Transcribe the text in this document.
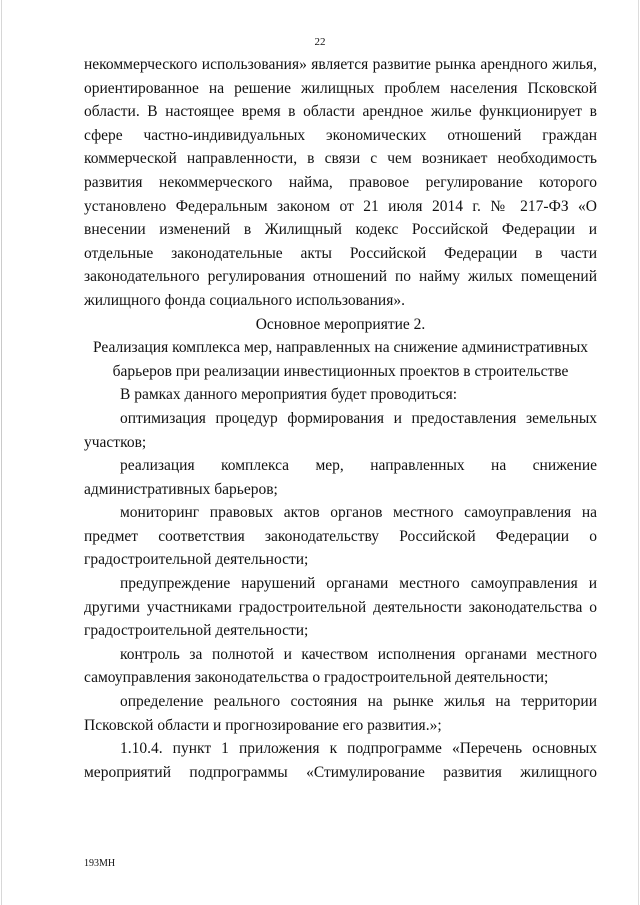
22

некоммерческого использования» является развитие рынка арендного жилья, ориентированное на решение жилищных проблем населения Псковской области. В настоящее время в области арендное жилье функционирует в сфере частно-индивидуальных экономических отношений граждан коммерческой направленности, в связи с чем возникает необходимость развития некоммерческого найма, правовое регулирование которого установлено Федеральным законом от 21 июля 2014 г. № 217-ФЗ «О внесении изменений в Жилищный кодекс Российской Федерации и отдельные законодательные акты Российской Федерации в части законодательного регулирования отношений по найму жилых помещений жилищного фонда социального использования».

Основное мероприятие 2.

Реализация комплекса мер, направленных на снижение административных барьеров при реализации инвестиционных проектов в строительстве

В рамках данного мероприятия будет проводиться:

оптимизация процедур формирования и предоставления земельных участков;

реализация комплекса мер, направленных на снижение административных барьеров;

мониторинг правовых актов органов местного самоуправления на предмет соответствия законодательству Российской Федерации о градостроительной деятельности;

предупреждение нарушений органами местного самоуправления и другими участниками градостроительной деятельности законодательства о градостроительной деятельности;

контроль за полнотой и качеством исполнения органами местного самоуправления законодательства о градостроительной деятельности;

определение реального состояния на рынке жилья на территории Псковской области и прогнозирование его развития.»;

1.10.4. пункт 1 приложения к подпрограмме «Перечень основных мероприятий подпрограммы «Стимулирование развития жилищного

193МН
